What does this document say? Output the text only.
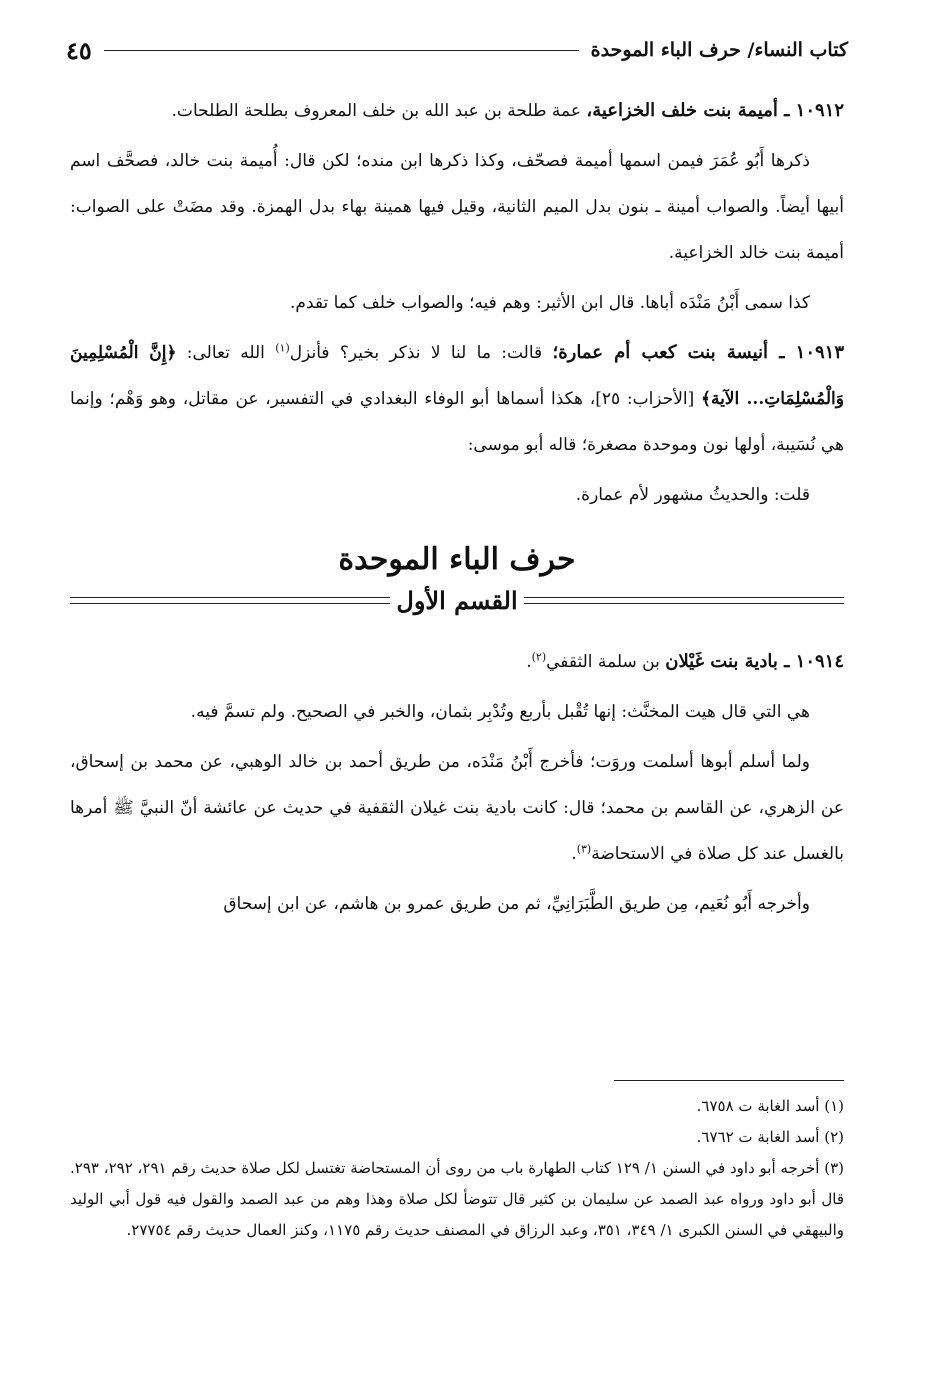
كتاب النساء/ حرف الباء الموحدة
٤٥

١٠٩١٢ ـ أميمة بنت خلف الخزاعية، عمة طلحة بن عبد الله بن خلف المعروف بطلحة الطلحات.

ذكرها أَبُو عُمَرَ فيمن اسمها أميمة فصحّف، وكذا ذكرها ابن منده؛ لكن قال: أُميمة بنت خالد، فصحَّف اسم أبيها أيضاً. والصواب أمينة ـ بنون بدل الميم الثانية، وقيل فيها همينة بهاء بدل الهمزة. وقد مضَتْ على الصواب: أميمة بنت خالد الخزاعية.

كذا سمى أَبْنُ مَنْدَه أباها. قال ابن الأثير: وهم فيه؛ والصواب خلف كما تقدم.

١٠٩١٣ ـ أنيسة بنت كعب أم عمارة؛ قالت: ما لنا لا نذكر بخير؟ فأنزل$^{(١)}$ الله تعالى: ﴿إِنَّ الْمُسْلِمِينَ وَالْمُسْلِمَاتِ... الآية﴾ [الأحزاب: ٢٥]، هكذا أسماها أبو الوفاء البغدادي في التفسير، عن مقاتل، وهو وَهْم؛ وإنما هي نُسَيبة، أولها نون وموحدة مصغرة؛ قاله أبو موسى:

قلت: والحديثُ مشهور لأم عمارة.

حرف الباء الموحدة
القسم الأول

١٠٩١٤ ـ بادية بنت غَيْلان بن سلمة الثقفي$^{(٢)}$.

هي التي قال هيت المخنَّث: إنها تُقْبل بأربع وتُدْبِر بثمان، والخبر في الصحيح. ولم تسمَّ فيه.

ولما أسلم أبوها أسلمت وروَت؛ فأخرج أَبْنُ مَنْدَه، من طريق أحمد بن خالد الوهبي، عن محمد بن إسحاق، عن الزهري، عن القاسم بن محمد؛ قال: كانت بادية بنت غيلان الثقفية في حديث عن عائشة أنّ النبيَّ ﷺ أمرها بالغسل عند كل صلاة في الاستحاضة$^{(٣)}$.

وأخرجه أَبُو نُعَيم، مِن طريق الطَّبَرَانِيِّ، ثم من طريق عمرو بن هاشم، عن ابن إسحاق

(١) أسد الغابة ت ٦٧٥٨.

(٢) أسد الغابة ت ٦٧٦٢.

(٣) أخرجه أبو داود في السنن ١/ ١٢٩ كتاب الطهارة باب من روى أن المستحاضة تغتسل لكل صلاة حديث رقم ٢٩١، ٢٩٢، ٢٩٣. قال أبو داود ورواه عبد الصمد عن سليمان بن كثير قال تتوضأ لكل صلاة وهذا وهم من عبد الصمد والقول فيه قول أبي الوليد والبيهقي في السنن الكبرى ١/ ٣٤٩، ٣٥١، وعبد الرزاق في المصنف حديث رقم ١١٧٥، وكنز العمال حديث رقم ٢٧٧٥٤.
